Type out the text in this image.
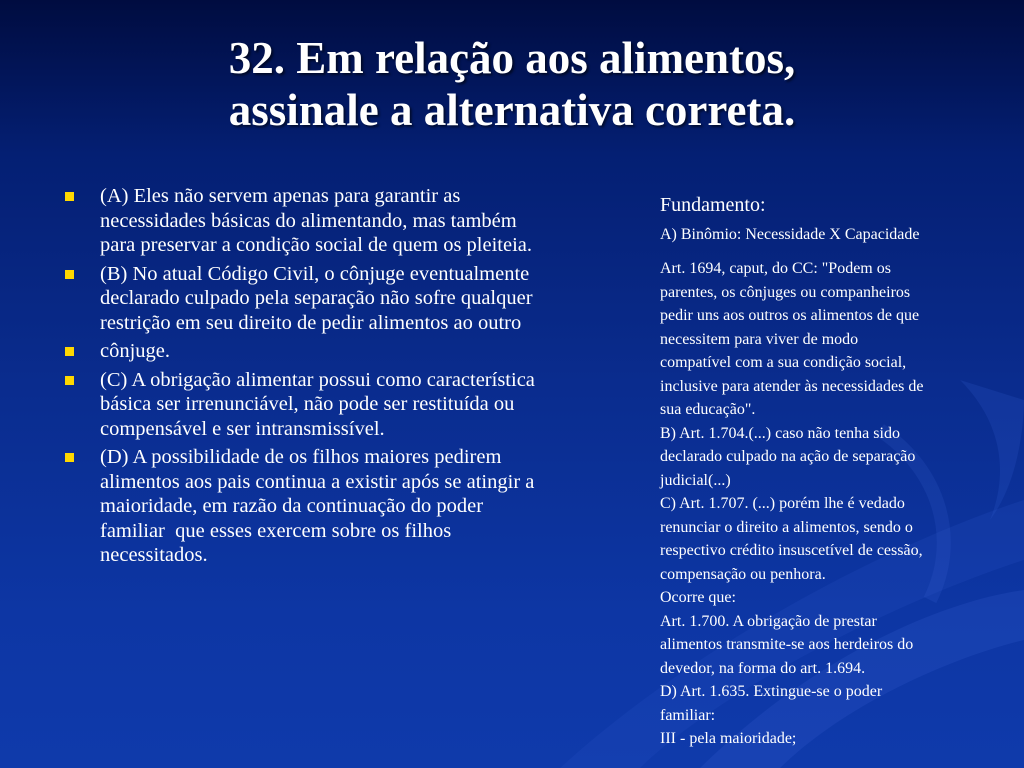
32. Em relação aos alimentos,
assinale a alternativa correta.
(A) Eles não servem apenas para garantir as
necessidades básicas do alimentando, mas também
para preservar a condição social de quem os pleiteia.
(B) No atual Código Civil, o cônjuge eventualmente
declarado culpado pela separação não sofre qualquer
restrição em seu direito de pedir alimentos ao outro
cônjuge.
(C) A obrigação alimentar possui como característica
básica ser irrenunciável, não pode ser restituída ou
compensável e ser intransmissível.
(D) A possibilidade de os filhos maiores pedirem
alimentos aos pais continua a existir após se atingir a
maioridade, em razão da continuação do poder
familiar  que esses exercem sobre os filhos
necessitados.

Fundamento:

A) Binômio: Necessidade X Capacidade

Art. 1694, caput, do CC: "Podem os
parentes, os cônjuges ou companheiros
pedir uns aos outros os alimentos de que
necessitem para viver de modo
compatível com a sua condição social,
inclusive para atender às necessidades de
sua educação".
B) Art. 1.704.(...) caso não tenha sido
declarado culpado na ação de separação
judicial(...)
C) Art. 1.707. (...) porém lhe é vedado
renunciar o direito a alimentos, sendo o
respectivo crédito insuscetível de cessão,
compensação ou penhora.
Ocorre que:
Art. 1.700. A obrigação de prestar
alimentos transmite-se aos herdeiros do
devedor, na forma do art. 1.694.
D) Art. 1.635. Extingue-se o poder
familiar:
III - pela maioridade;
